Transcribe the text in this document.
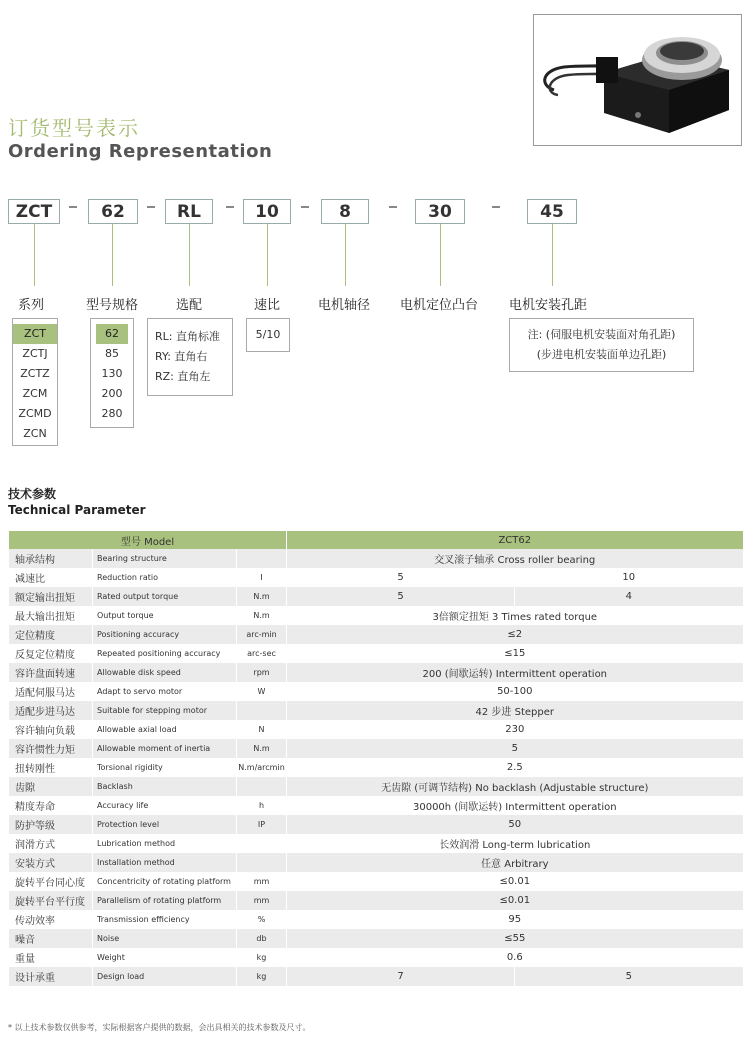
订货型号表示
Ordering Representation
ZCT	62	RL	10	8	30	45
系列	型号规格	选配	速比	电机轴径 电机定位凸台 电机安装孔距
ZCT
ZCTJ
ZCTZ
ZCM
ZCMD
ZCN
62
85
130
200
280
RL: 直角标准
RY: 直角右
RZ: 直角左
5/10	注: (伺服电机安装面对角孔距)
(步进电机安装面单边孔距)
技术参数
Technical Parameter
型号 Model			ZCT62	
轴承结构	Bearing structure		交叉滚子轴承 Cross roller bearing	
减速比	Reduction ratio	I	5	10
额定输出扭矩	Rated output torque	N.m	5	4
最大输出扭矩	Output torque	N.m	3倍额定扭矩 3 Times rated torque	
定位精度	Positioning accuracy	arc-min	≤2	
反复定位精度	Repeated positioning accuracy	arc-sec	≤15	
容许盘面转速	Allowable disk speed	rpm	200 (间歇运转) Intermittent operation	
适配伺服马达	Adapt to servo motor	W	50-100	
适配步进马达	Suitable for stepping motor		42 步进 Stepper	
容许轴向负载	Allowable axial load	N	230	
容许惯性力矩	Allowable moment of inertia	N.m	5	
扭转刚性	Torsional rigidity	N.m/arcmin	2.5	
齿隙	Backlash		无齿隙 (可调节结构) No backlash (Adjustable structure)	
精度寿命	Accuracy life	h	30000h (间歇运转) Intermittent operation	
防护等级	Protection level	IP	50	
润滑方式	Lubrication method		长效润滑 Long-term lubrication	
安装方式	Installation method		任意 Arbitrary	
旋转平台同心度	Concentricity of rotating platform	mm	≤0.01	
旋转平台平行度	Parallelism of rotating platform	mm	≤0.01	
传动效率	Transmission efficiency	%	95	
噪音	Noise	db	≤55	
重量	Weight	kg	0.6	
设计承重	Design load	kg	7	5
* 以上技术参数仅供参考，实际根据客户提供的数据，会出具相关的技术参数及尺寸。
